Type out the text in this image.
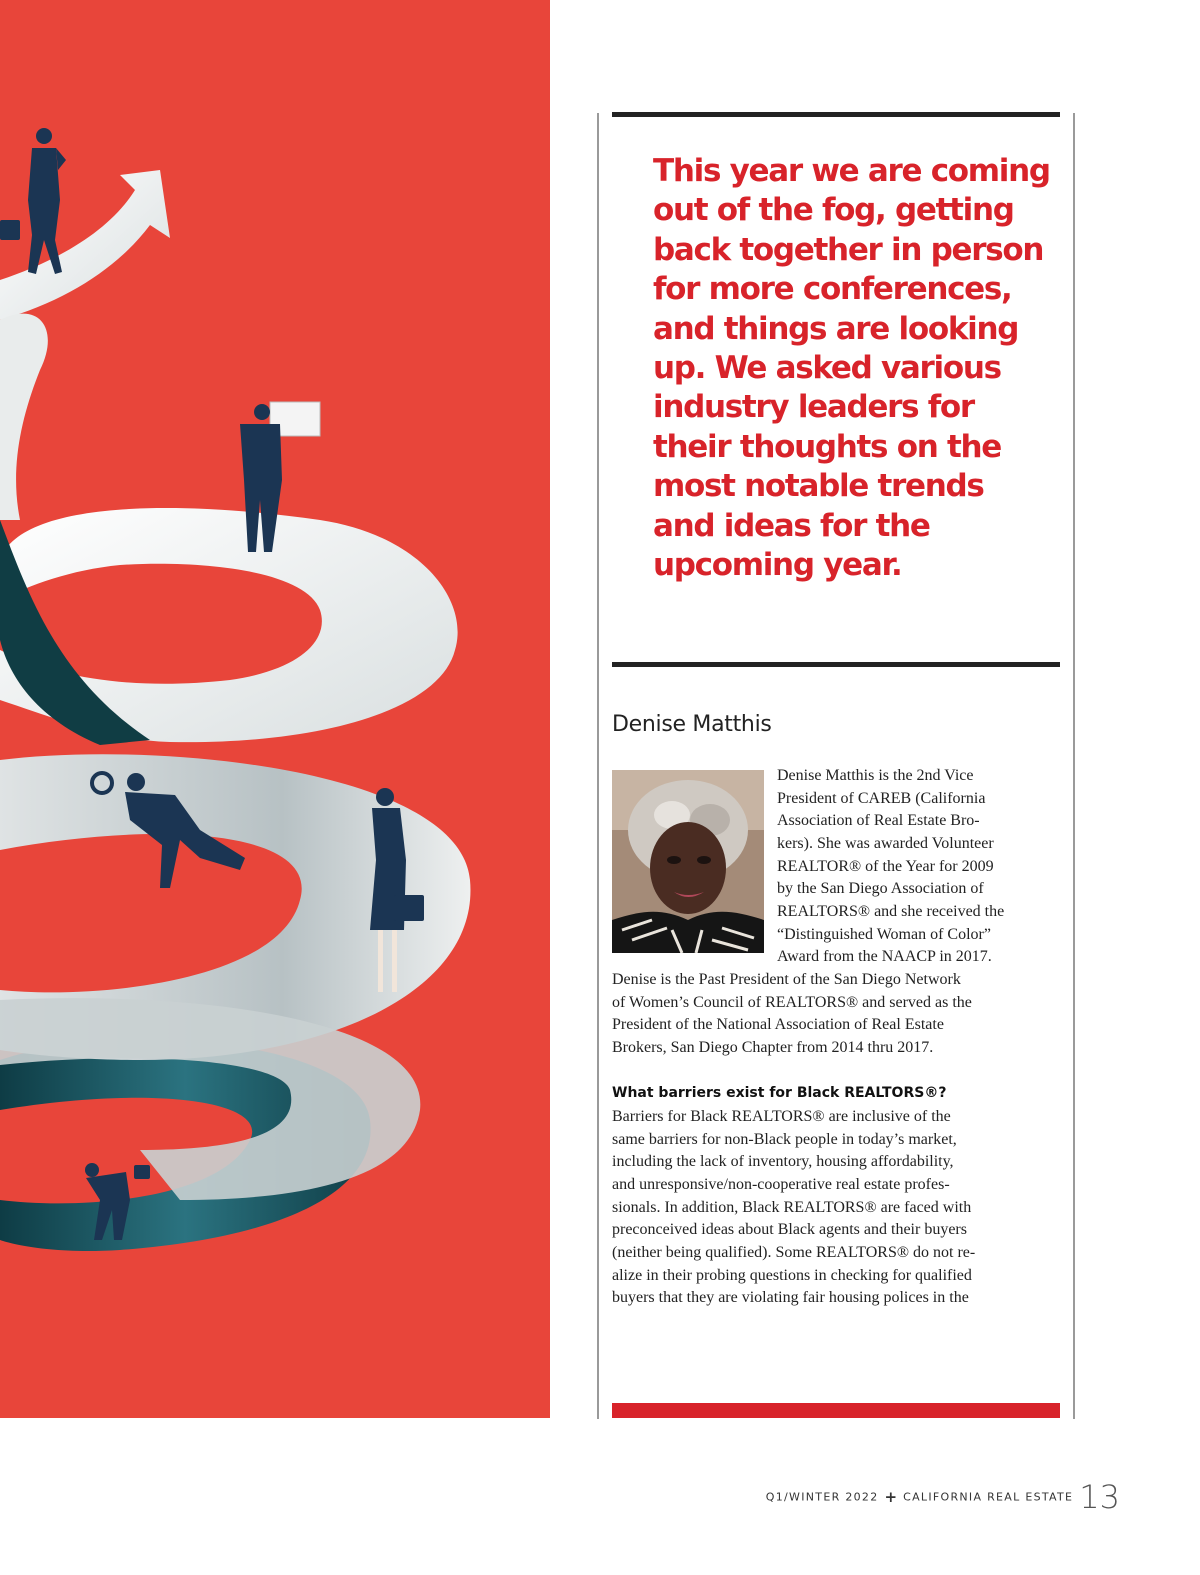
This year we are coming out of the fog, getting back together in person for more conferences, and things are looking up. We asked various industry leaders for their thoughts on the most notable trends and ideas for the upcoming year.
Denise Matthis

Denise Matthis is the 2nd Vice

President of CAREB (California

Association of Real Estate Bro-

kers). She was awarded Volunteer

REALTOR® of the Year for 2009

by the San Diego Association of

REALTORS® and she received the

“Distinguished Woman of Color”

Award from the NAACP in 2017.

Denise is the Past President of the San Diego Network

of Women’s Council of REALTORS® and served as the

President of the National Association of Real Estate

Brokers, San Diego Chapter from 2014 thru 2017.

What barriers exist for Black REALTORS®?

Barriers for Black REALTORS® are inclusive of the

same barriers for non-Black people in today’s market,

including the lack of inventory, housing affordability,

and unresponsive/non-cooperative real estate profes-

sionals. In addition, Black REALTORS® are faced with

preconceived ideas about Black agents and their buyers

(neither being qualified). Some REALTORS® do not re-

alize in their probing questions in checking for qualified

buyers that they are violating fair housing polices in the

Q1/WINTER 2022 + CALIFORNIA REAL ESTATE 13
